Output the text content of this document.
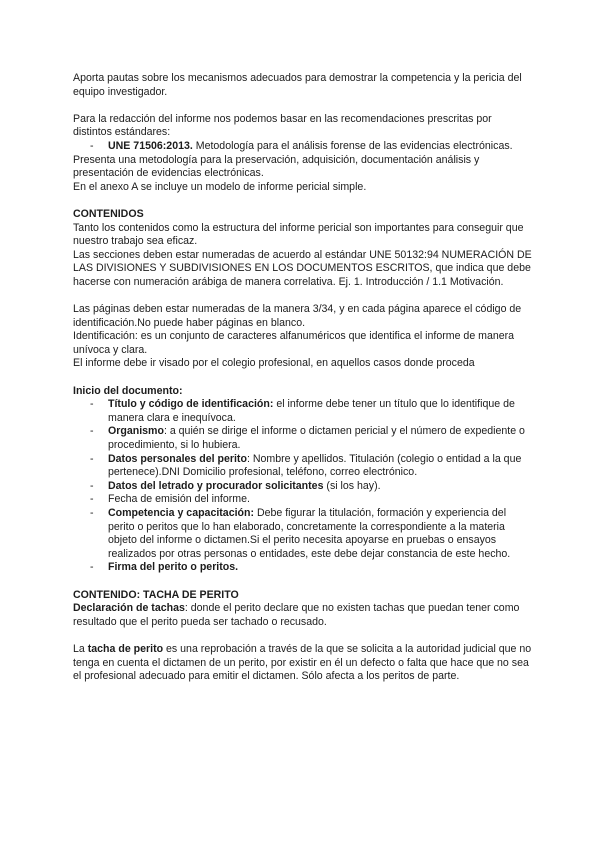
Aporta pautas sobre los mecanismos adecuados para demostrar la competencia y la pericia del equipo investigador.

Para la redacción del informe nos podemos basar en las recomendaciones prescritas por distintos estándares:

- UNE 71506:2013. Metodología para el análisis forense de las evidencias electrónicas.

Presenta una metodología para la preservación, adquisición, documentación análisis y presentación de evidencias electrónicas.

En el anexo A se incluye un modelo de informe pericial simple.

CONTENIDOS

Tanto los contenidos como la estructura del informe pericial son importantes para conseguir que nuestro trabajo sea eficaz.

Las secciones deben estar numeradas de acuerdo al estándar UNE 50132:94 NUMERACIÓN DE LAS DIVISIONES Y SUBDIVISIONES EN LOS DOCUMENTOS ESCRITOS, que indica que debe hacerse con numeración arábiga de manera correlativa. Ej. 1. Introducción / 1.1 Motivación.

Las páginas deben estar numeradas de la manera 3/34, y en cada página aparece el código de identificación.No puede haber páginas en blanco.

Identificación: es un conjunto de caracteres alfanuméricos que identifica el informe de manera unívoca y clara.

El informe debe ir visado por el colegio profesional, en aquellos casos donde proceda

Inicio del documento:

- Título y código de identificación: el informe debe tener un título que lo identifique de manera clara e inequívoca.
- Organismo: a quién se dirige el informe o dictamen pericial y el número de expediente o procedimiento, si lo hubiera.
- Datos personales del perito: Nombre y apellidos. Titulación (colegio o entidad a la que pertenece).DNI Domicilio profesional, teléfono, correo electrónico.
- Datos del letrado y procurador solicitantes (si los hay).
- Fecha de emisión del informe.
- Competencia y capacitación: Debe figurar la titulación, formación y experiencia del perito o peritos que lo han elaborado, concretamente la correspondiente a la materia objeto del informe o dictamen.Si el perito necesita apoyarse en pruebas o ensayos realizados por otras personas o entidades, este debe dejar constancia de este hecho.
- Firma del perito o peritos.

CONTENIDO: TACHA DE PERITO

Declaración de tachas: donde el perito declare que no existen tachas que puedan tener como resultado que el perito pueda ser tachado o recusado.

La tacha de perito es una reprobación a través de la que se solicita a la autoridad judicial que no tenga en cuenta el dictamen de un perito, por existir en él un defecto o falta que hace que no sea el profesional adecuado para emitir el dictamen. Sólo afecta a los peritos de parte.
